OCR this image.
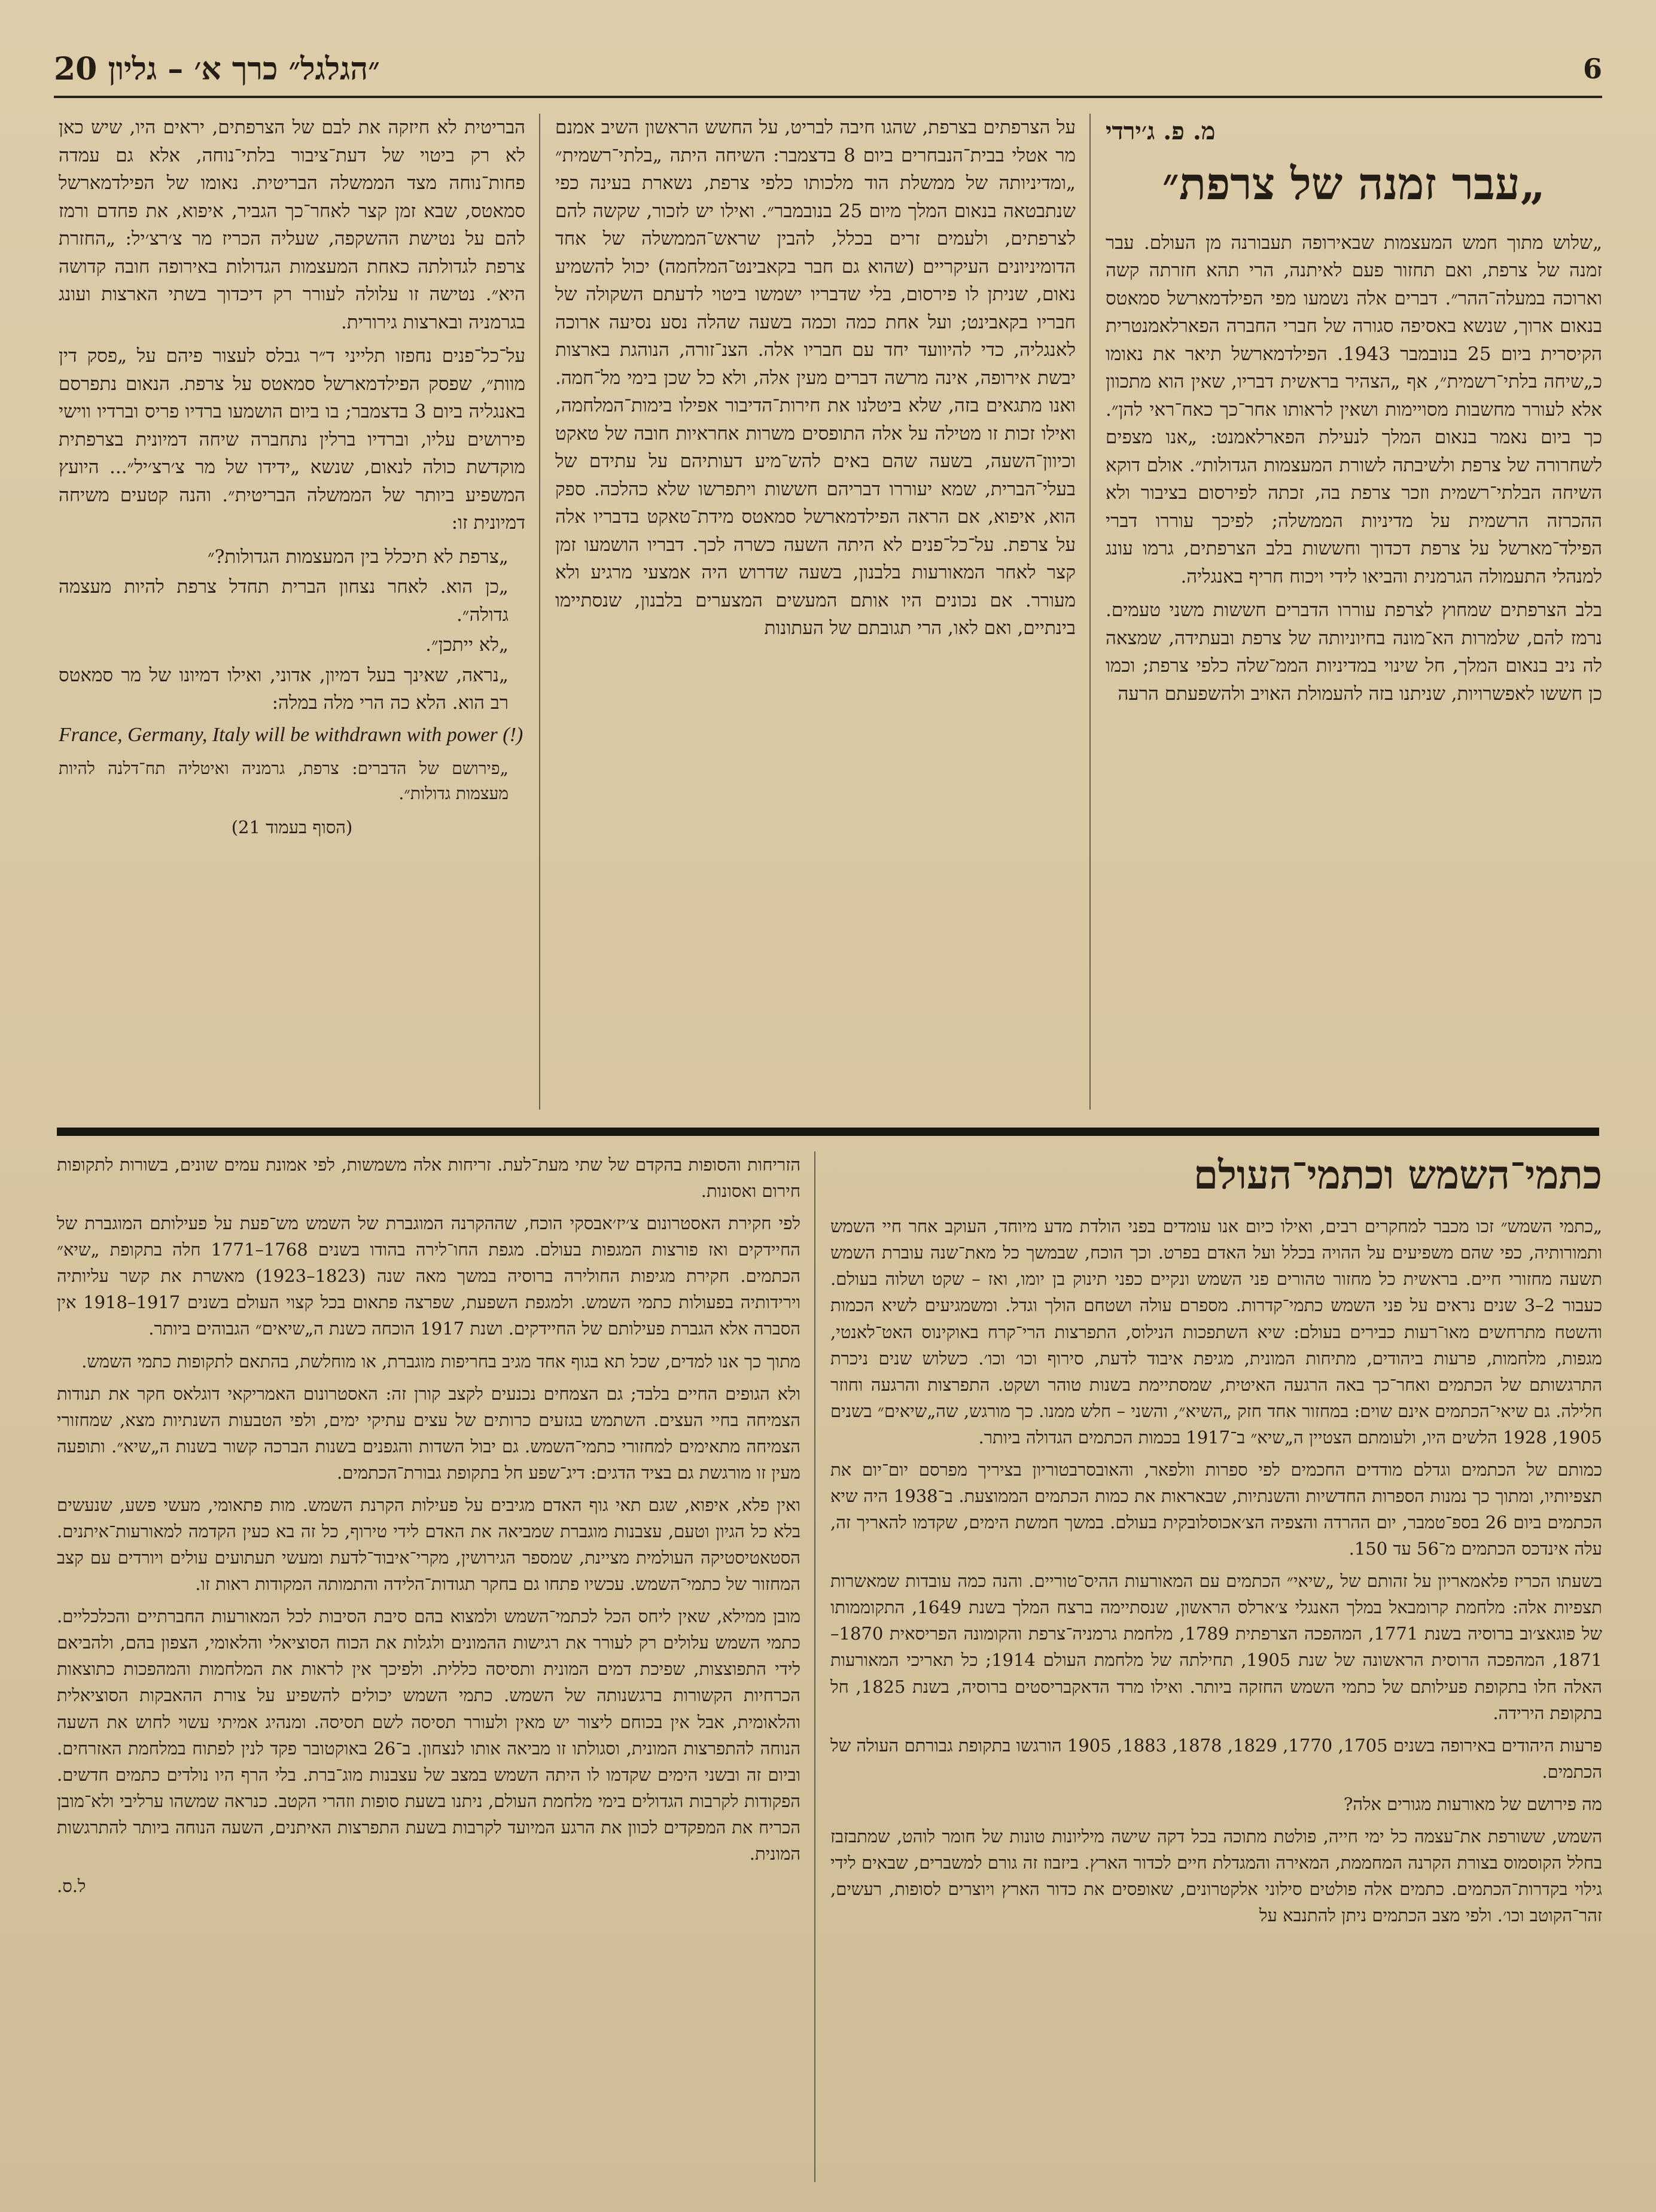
6
״הגלגל״ כרך א׳ – גליון 20
מ. פ. ג׳ירדי
„עבר זמנה של צרפת״

„שלוש מתוך חמש המעצמות שבאירופה תעבורנה מן העולם. עבר זמנה של צרפת, ואם תחזור פעם לאיתנה, הרי תהא חזרתה קשה וארוכה במעלה־ההר״. דברים אלה נשמעו מפי הפילדמארשל סמאטס בנאום ארוך, שנשא באסיפה סגורה של חברי החברה הפארלאמנטרית הקיסרית ביום 25 בנובמבר 1943. הפילדמארשל תיאר את נאומו כ„שיחה בלתי־רשמית״, אף „הצהיר בראשית דבריו, שאין הוא מתכוון אלא לעורר מחשבות מסויימות ושאין לראותו אחר־כך כאח־ראי להן״. כך ביום נאמר בנאום המלך לנעילת הפארלאמנט: „אנו מצפים לשחרורה של צרפת ולשיבתה לשורת המעצמות הגדולות״. אולם דוקא השיחה הבלתי־רשמית וזכר צרפת בה, זכתה לפירסום בציבור ולא ההכרזה הרשמית על מדיניות הממשלה; לפיכך עוררו דברי הפילד־מארשל על צרפת דכדוך וחששות בלב הצרפתים, גרמו עונג למנהלי התעמולה הגרמנית והביאו לידי ויכוח חריף באנגליה.

בלב הצרפתים שמחוץ לצרפת עוררו הדברים חששות משני טעמים. נרמז להם, שלמרות הא־מונה בחיוניותה של צרפת ובעתידה, שמצאה לה ניב בנאום המלך, חל שינוי במדיניות הממ־שלה כלפי צרפת; וכמו כן חששו לאפשרויות, שניתנו בזה להעמולת האויב ולהשפעתם הרעה

על הצרפתים בצרפת, שהגו חיבה לבריט, על החשש הראשון השיב אמנם מר אטלי בבית־הנבחרים ביום 8 בדצמבר: השיחה היתה „בלתי־רשמית״ „ומדיניותה של ממשלת הוד מלכותו כלפי צרפת, נשארת בעינה כפי שנתבטאה בנאום המלך מיום 25 בנובמבר״. ואילו יש לזכור, שקשה להם לצרפתים, ולעמים זרים בכלל, להבין שראש־הממשלה של אחד הדומיניונים העיקריים (שהוא גם חבר בקאבינט־המלחמה) יכול להשמיע נאום, שניתן לו פירסום, בלי שדבריו ישמשו ביטוי לדעתם השקולה של חבריו בקאבינט; ועל אחת כמה וכמה בשעה שהלה נסע נסיעה ארוכה לאנגליה, כדי להיוועד יחד עם חבריו אלה. הצנ־זורה, הנוהגת בארצות יבשת אירופה, אינה מרשה דברים מעין אלה, ולא כל שכן בימי מל־חמה. ואנו מתגאים בזה, שלא ביטלנו את חירות־הדיבור אפילו בימות־המלחמה, ואילו זכות זו מטילה על אלה התופסים משרות אחראיות חובה של טאקט וכיוון־השעה, בשעה שהם באים להש־מיע דעותיהם על עתידם של בעלי־הברית, שמא יעוררו דבריהם חששות ויתפרשו שלא כהלכה. ספק הוא, איפוא, אם הראה הפילדמארשל סמאטס מידת־טאקט בדבריו אלה על צרפת. על־כל־פנים לא היתה השעה כשרה לכך. דבריו הושמעו זמן קצר לאחר המאורעות בלבנון, בשעה שדרוש היה אמצעי מרגיע ולא מעורר. אם נכונים היו אותם המעשים המצערים בלבנון, שנסתיימו בינתיים, ואם לאו, הרי תגובתם של העתונות

הבריטית לא חיזקה את לבם של הצרפתים, יראים היו, שיש כאן לא רק ביטוי של דעת־ציבור בלתי־נוחה, אלא גם עמדה פחות־נוחה מצד הממשלה הבריטית. נאומו של הפילדמארשל סמאטס, שבא זמן קצר לאחר־כך הגביר, איפוא, את פחדם ורמז להם על נטישת ההשקפה, שעליה הכריז מר צ׳רצ׳יל: „החזרת צרפת לגדולתה כאחת המעצמות הגדולות באירופה חובה קדושה היא״. נטישה זו עלולה לעורר רק דיכדוך בשתי הארצות ועונג בגרמניה ובארצות גירורית.

על־כל־פנים נחפזו תלייני ד״ר גבלס לעצור פיהם על „פסק דין מוות״, שפסק הפילדמארשל סמאטס על צרפת. הנאום נתפרסם באנגליה ביום 3 בדצמבר; בו ביום הושמעו ברדיו פריס וברדיו ווישי פירושים עליו, וברדיו ברלין נתחברה שיחה דמיונית בצרפתית מוקדשת כולה לנאום, שנשא „ידידו של מר צ׳רצ׳יל״... היועץ המשפיע ביותר של הממשלה הבריטית״. והנה קטעים משיחה דמיונית זו:

„צרפת לא תיכלל בין המעצמות הגדולות?״

„כן הוא. לאחר נצחון הברית תחדל צרפת להיות מעצמה גדולה״.

„לא ייתכן״.

„נראה, שאינך בעל דמיון, אדוני, ואילו דמיונו של מר סמאטס רב הוא. הלא כה הרי מלה במלה:

France, Germany, Italy will be withdrawn with power (!)

„פירושם של הדברים: צרפת, גרמניה ואיטליה תח־דלנה להיות מעצמות גדולות״.

(הסוף בעמוד 21)
כתמי־השמש וכתמי־העולם

„כתמי השמש״ זכו מכבר למחקרים רבים, ואילו כיום אנו עומדים בפני הולדת מדע מיוחד, העוקב אחר חיי השמש ותמורותיה, כפי שהם משפיעים על ההויה בכלל ועל האדם בפרט. וכך הוכח, שבמשך כל מאת־שנה עוברת השמש תשעה מחזורי חיים. בראשית כל מחזור טהורים פני השמש ונקיים כפני תינוק בן יומו, ואז – שקט ושלוה בעולם. כעבור 2–3 שנים נראים על פני השמש כתמי־קדרות. מספרם עולה ושטחם הולך וגדל. ומשמגיעים לשיא הכמות והשטח מתרחשים מאו־רעות כבירים בעולם: שיא השתפכות הנילוס, התפרצות הרי־קרח באוקינוס האט־לאנטי, מגפות, מלחמות, פרעות ביהודים, מתיחות המונית, מגיפת איבוד לדעת, סירוף וכו׳ וכו׳. כשלוש שנים ניכרת התרגשותם של הכתמים ואחר־כך באה הרגעה האיטית, שמסתיימת בשנות טוהר ושקט. התפרצות והרגעה וחוזר חלילה. גם שיאי־הכתמים אינם שוים: במחזור אחד חזק „השיא״, והשני – חלש ממנו. כך מורגש, שה„שיאים״ בשנים 1905, 1928 הלשים היו, ולעומתם הצטיין ה„שיא״ ב־1917 בכמות הכתמים הגדולה ביותר.

כמותם של הכתמים וגדלם מודדים החכמים לפי ספרות וולפאר, והאובסרבטוריון בציריך מפרסם יום־יום את תצפיותיו, ומתוך כך נמנות הספרות החדשיות והשנתיות, שבאראות את כמות הכתמים הממוצעת. ב־1938 היה שיא הכתמים ביום 26 בספ־טמבר, יום ההרדה והצפיה הצ׳אכוסלובקית בעולם. במשך חמשת הימים, שקדמו להאריך זה, עלה אינדכס הכתמים מ־56 עד 150.

בשעתו הכריז פלאמאריון על זהותם של „שיאי״ הכתמים עם המאורעות ההיס־טוריים. והנה כמה עובדות שמאשרות תצפיות אלה: מלחמת קרומבאל במלך האנגלי צ׳ארלס הראשון, שנסתיימה ברצח המלך בשנת 1649, התקוממותו של פוגאצ׳וב ברוסיה בשנת 1771, המהפכה הצרפתית 1789, מלחמת גרמניה־צרפת והקומונה הפריסאית 1870–1871, המהפכה הרוסית הראשונה של שנת 1905, תחילתה של מלחמת העולם 1914; כל תאריכי המאורעות האלה חלו בתקופת פעילותם של כתמי השמש החזקה ביותר. ואילו מרד הדאקבריסטים ברוסיה, בשנת 1825, חל בתקופת הירידה.

פרעות היהודים באירופה בשנים 1705, 1770, 1829, 1878, 1883, 1905 הורגשו בתקופת גבורתם העולה של הכתמים.

מה פירושם של מאורעות מגורים אלה?

השמש, ששורפת את־עצמה כל ימי חייה, פולטת מתוכה בכל דקה שישה מיליונות טונות של חומר לוהט, שמתבזבז בחלל הקוסמוס בצורת הקרנה המחממת, המאירה והמגדלת חיים לכדור הארץ. ביזבוז זה גורם למשברים, שבאים לידי גילוי בקדרות־הכתמים. כתמים אלה פולטים סילוני אלקטרונים, שאופסים את כדור הארץ ויוצרים לסופות, רעשים, זהר־הקוטב וכו׳. ולפי מצב הכתמים ניתן להתנבא על

הזריחות והסופות בהקדם של שתי מעת־לעת. זריחות אלה משמשות, לפי אמונת עמים שונים, בשורות לתקופות חירום ואסונות.

לפי חקירת האסטרונום צ׳יז׳אבסקי הוכח, שההקרנה המוגברת של השמש מש־פעת על פעילותם המוגברת של החיידקים ואז פורצות המגפות בעולם. מגפת החו־לירה בהודו בשנים 1768–1771 חלה בתקופת „שיא״ הכתמים. חקירת מגיפות החולירה ברוסיה במשך מאה שנה (1823–1923) מאשרת את קשר עליותיה וירידותיה בפעולות כתמי השמש. ולמגפת השפעת, שפרצה פתאום בכל קצוי העולם בשנים 1917–1918 אין הסברה אלא הגברת פעילותם של החיידקים. ושנת 1917 הוכחה כשנת ה„שיאים״ הגבוהים ביותר.

מתוך כך אנו למדים, שכל תא בגוף אחד מגיב בחריפות מוגברת, או מוחלשת, בהתאם לתקופות כתמי השמש.

ולא הגופים החיים בלבד; גם הצמחים נכנעים לקצב קורן זה: האסטרונום האמריקאי דוגלאס חקר את תנודות הצמיחה בחיי העצים. השתמש בגזעים כרותים של עצים עתיקי ימים, ולפי הטבעות השנתיות מצא, שמחזורי הצמיחה מתאימים למחזורי כתמי־השמש. גם יבול השדות והגפנים בשנות הברכה קשור בשנות ה„שיא״. ותופעה מעין זו מורגשת גם בציד הדגים: דיג־שפע חל בתקופת גבורת־הכתמים.

ואין פלא, איפוא, שגם תאי גוף האדם מגיבים על פעילות הקרנת השמש. מות פתאומי, מעשי פשע, שנעשים בלא כל הגיון וטעם, עצבנות מוגברת שמביאה את האדם לידי טירוף, כל זה בא כעין הקדמה למאורעות־איתנים. הסטאטיסטיקה העולמית מציינת, שמספר הגירושין, מקרי־איבוד־לדעת ומעשי תעתועים עולים ויורדים עם קצב המחזור של כתמי־השמש. עכשיו פתחו גם בחקר תגודות־הלידה והתמותה המקודות ראות זו.

מובן ממילא, שאין ליחס הכל לכתמי־השמש ולמצוא בהם סיבת הסיבות לכל המאורעות החברתיים והכלכליים. כתמי השמש עלולים רק לעורר את רגישות ההמונים ולגלות את הכוח הסוציאלי והלאומי, הצפון בהם, ולהביאם לידי התפוצצות, שפיכת דמים המונית ותסיסה כללית. ולפיכך אין לראות את המלחמות והמהפכות כתוצאות הכרחיות הקשורות ברגשנותה של השמש. כתמי השמש יכולים להשפיע על צורת ההאבקות הסוציאלית והלאומית, אבל אין בכוחם ליצור יש מאין ולעורר תסיסה לשם תסיסה. ומנהיג אמיתי עשוי לחוש את השעה הנוחה להתפרצות המונית, וסגולתו זו מביאה אותו לנצחון. ב־26 באוקטובר פקד לנין לפתוח במלחמת האזרחים. וביום זה ובשני הימים שקדמו לו היתה השמש במצב של עצבנות מוג־ברת. בלי הרף היו נולדים כתמים חדשים. הפקודות לקרבות הגדולים בימי מלחמת העולם, ניתנו בשעת סופות וזהרי הקטב. כנראה שמשהו ערליבי ולא־מובן הכריח את המפקדים לכוון את הרגע המיועד לקרבות בשעת התפרצות האיתנים, השעה הנוחה ביותר להתרגשות המונית.

ל.ס.
